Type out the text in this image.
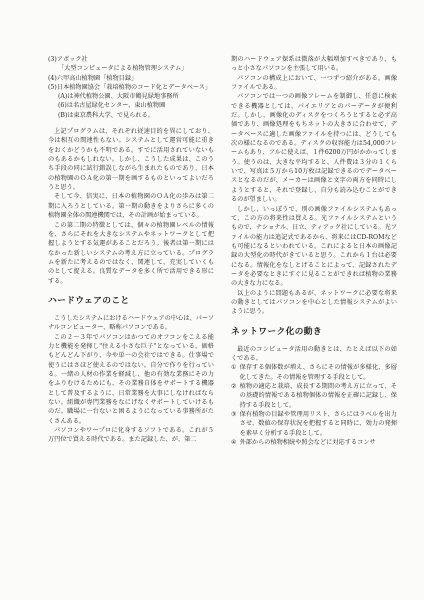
(3)アボック社
「大型コンピュータによる植物管理システム」
(4)六甲高山植物園「植物目録」
(5)日本植物園協会「栽培植物のコード化とデータベース」
(A)は神代植物公園、大阪市鶴見緑地事務所
(6)は名古屋緑化センター、東山植物園
(B)は東京農科大学、で見られる。

上記プログラムは、それぞれ従速目的を異にしており、今は相互の関連性もない。システムとして運営可能に重きをおくかどうかも不明である。すでに活用されていないものもあるかもしれない。しかし、こうした成果は、このうち手段の同に試行錯誤しながら生まれたものであり、日本の植物園のＯＡ化の第一期を画するものといってよいだろうと思う。

そして今、信実に、日本の植物園のＯＡ化の歩みは第二期に入ろうとしている。第一期の動きをよりさらに多くの植物園全体の関連機関では、その計画が始まっている。

この第二期の特徴としては、個々の植物園レベルの情報を、さらにそれを大きなシステムやネットワークとして把握しようとする気運があることだろう。後者は第一期にはなかった新しいシステムの考え方に立っている。プログラムを新たに考えるのではなく、関連して、充実していくものとして捉える。良質なデータを多く所で活用できる形にする。

ハードウェアのこと

こうしたシステムにおけるハードウェアの中心は、パーソナルコンピューター、略称パソコンである。

この２〜３年でパソコンはかつてのオフコンをこえる能力と機能を発揮し"住える小さな巨子"となっている。価格もどんどん下がり、今や単一の会社ではできる。仕事場で使うにはさほど使えるのではない。自分で作りを行っている。一緒の人材の作業を軽減し、他の有効な業務にその力をふりむけるためにも、その業務自体をサポートする機器として普及するように、日常業務を大事にしなければならない。組織が専門業務をなにげなくサポートしていけるものだ。職場に一台ないと困るようになっている事務所がたくさんある。

パソコンやワープロに化身するソフトである。これが５万円位で買える時代である。また記録した、が、第二

期のハードウェア保系は微落が大幅増加すべきであり、もっと小さなパソコンを主張して用いる。

パソコンの構成上において、一つずつ紹介がある。画像ファイルである。

パソコンでは一つの画像フレームを制御し、任意に検索できる機器としては、パイエリアとのパーデータが便利だ。しかし、画像化のディスクをつくろうとすると必ず高価であり、画像処理をもちネットの大きさに合わせて、データベースに適した画像ファイルを持つには、どうしても次の様になるのである。ディスクの収容能力は54,000フレームもあり、フルに使えば、１件6200万円がかかってしまう。使うのは、大きな平均すると、人件費は３分の１くらいで、写真は５万から10万枚は記録できるのでデータベースとなるのだが、メーカーは画像と文字の両方を同時にしようとすると、それで登録し、自分も読み込むことができるのが望ましい。

しかし、いっぽうで、別の画像ファイルシステムもあって、この方の将来性は買える。光ファイルシステムというもので、ナショナル、日立、ティアック社にしている。光ファイルの能力は追記式であるから、将来にはCD-ROMなども可能になるといわれている。これによると日本の画像記録の大型化の時代がきていると思う。これから１台は必要になる。情報化をなしとげることによって、記録されたデータを必要なときにすぐに見ることができれば植物の業務の大きな力になる。

以上のように問題もあるが、ネットワークに必要な将来の動きとしてはパソコンを中心とした情報システムがよいように思う。

ネットワーク化の動き

最近のコンピュータ活用の動きとは、たとえば以下の如くである。

① 保存する個体数が増え、さらにその情報が多様化、多層化してきた。その情報を管理する手段として。
② 植物の適応と栽培、成長する期間の考え方に立って、その基礎的情報である植物個体の情報を正確に記録し、保持する手段として。
③ 保有植物の目録や管理用リスト、さらにはラベルを出力させ、数値の保存状況を把握すると同時に、効力の発揮を素早く分析する手段として。
④ 外部からの植物相続や照会などに対応するコンサ
